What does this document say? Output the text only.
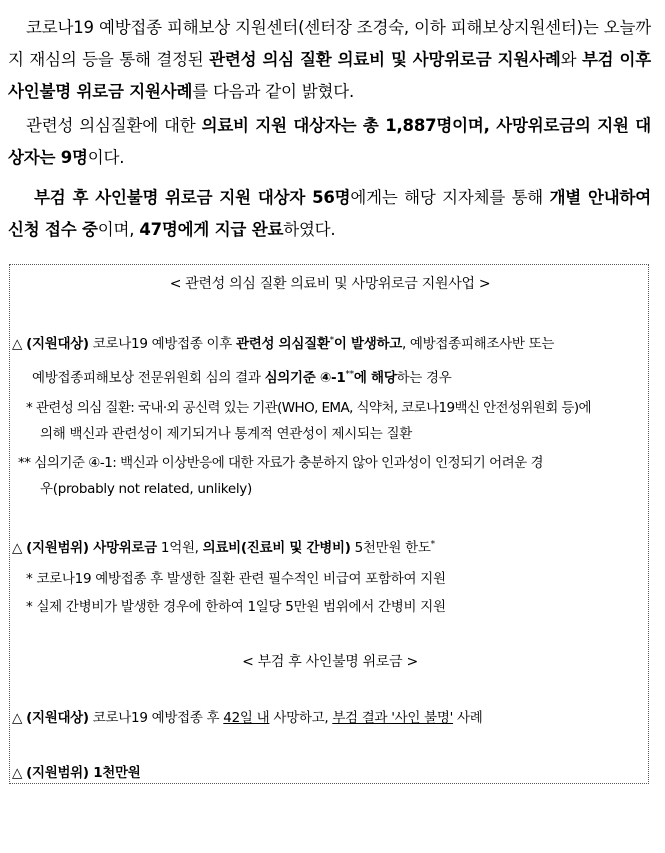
코로나19 예방접종 피해보상 지원센터(센터장 조경숙, 이하 피해보상지원센터)는 오늘까지 재심의 등을 통해 결정된 관련성 의심 질환 의료비 및 사망위로금 지원사례와 부검 이후 사인불명 위로금 지원사례를 다음과 같이 밝혔다.
관련성 의심질환에 대한 의료비 지원 대상자는 총 1,887명이며, 사망위로금의 지원 대상자는 9명이다.
부검 후 사인불명 위로금 지원 대상자 56명에게는 해당 지자체를 통해 개별 안내하여 신청 접수 중이며, 47명에게 지급 완료하였다.
< 관련성 의심 질환 의료비 및 사망위로금 지원사업 >
△ (지원대상) 코로나19 예방접종 이후 관련성 의심질환*이 발생하고, 예방접종피해조사반 또는
예방접종피해보상 전문위원회 심의 결과 심의기준 ④-1**에 해당하는 경우
* 관련성 의심 질환: 국내·외 공신력 있는 기관(WHO, EMA, 식약처, 코로나19백신 안전성위원회 등)에
의해 백신과 관련성이 제기되거나 통계적 연관성이 제시되는 질환
** 심의기준 ④-1: 백신과 이상반응에 대한 자료가 충분하지 않아 인과성이 인정되기 어려운 경
우(probably not related, unlikely)
△ (지원범위) 사망위로금 1억원, 의료비(진료비 및 간병비) 5천만원 한도*
* 코로나19 예방접종 후 발생한 질환 관련 필수적인 비급여 포함하여 지원
* 실제 간병비가 발생한 경우에 한하여 1일당 5만원 범위에서 간병비 지원
< 부검 후 사인불명 위로금 >
△ (지원대상) 코로나19 예방접종 후 42일 내 사망하고, 부검 결과 '사인 불명' 사례
△ (지원범위) 1천만원
